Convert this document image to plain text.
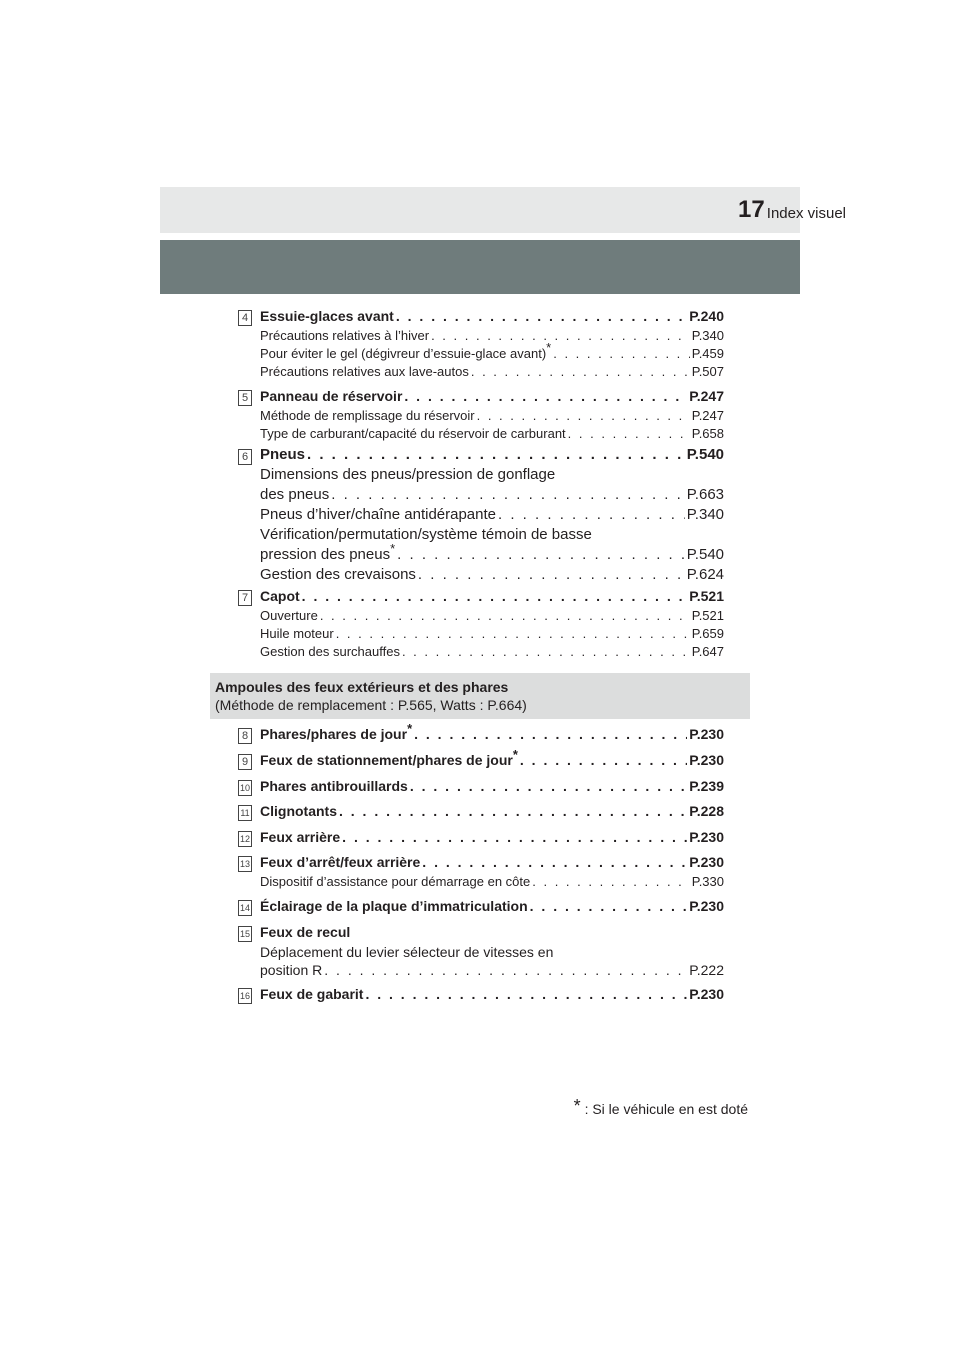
Index visuel
17
4 Essuie-glaces avant . . .	P.240
Précautions relatives à l’hiver . . .	P.340
Pour éviter le gel (dégivreur d’essuie-glace avant)* . . .	P.459
Précautions relatives aux lave-autos . . .	P.507
5 Panneau de réservoir . . .	P.247
Méthode de remplissage du réservoir . . .	P.247
Type de carburant/capacité du réservoir de carburant . . .	P.658
6 Pneus . . .	P.540
Dimensions des pneus/pression de gonflage
des pneus . . .	P.663
Pneus d’hiver/chaîne antidérapante . . .	P.340
Vérification/permutation/système témoin de basse
pression des pneus* . . .	P.540
Gestion des crevaisons . . .	P.624
7 Capot . . .	P.521
Ouverture . . .	P.521
Huile moteur . . .	P.659
Gestion des surchauffes . . .	P.647
Ampoules des feux extérieurs et des phares
(Méthode de remplacement : P.565, Watts : P.664)
8 Phares/phares de jour* . . .	P.230
9 Feux de stationnement/phares de jour* . . .	P.230
10 Phares antibrouillards . . .	P.239
11 Clignotants . . .	P.228
12 Feux arrière . . .	P.230
13 Feux d’arrêt/feux arrière . . .	P.230
Dispositif d’assistance pour démarrage en côte . . .	P.330
14 Éclairage de la plaque d’immatriculation . . .	P.230
15 Feux de recul
Déplacement du levier sélecteur de vitesses en
position R . . .	P.222
16 Feux de gabarit . . .	P.230
* : Si le véhicule en est doté
